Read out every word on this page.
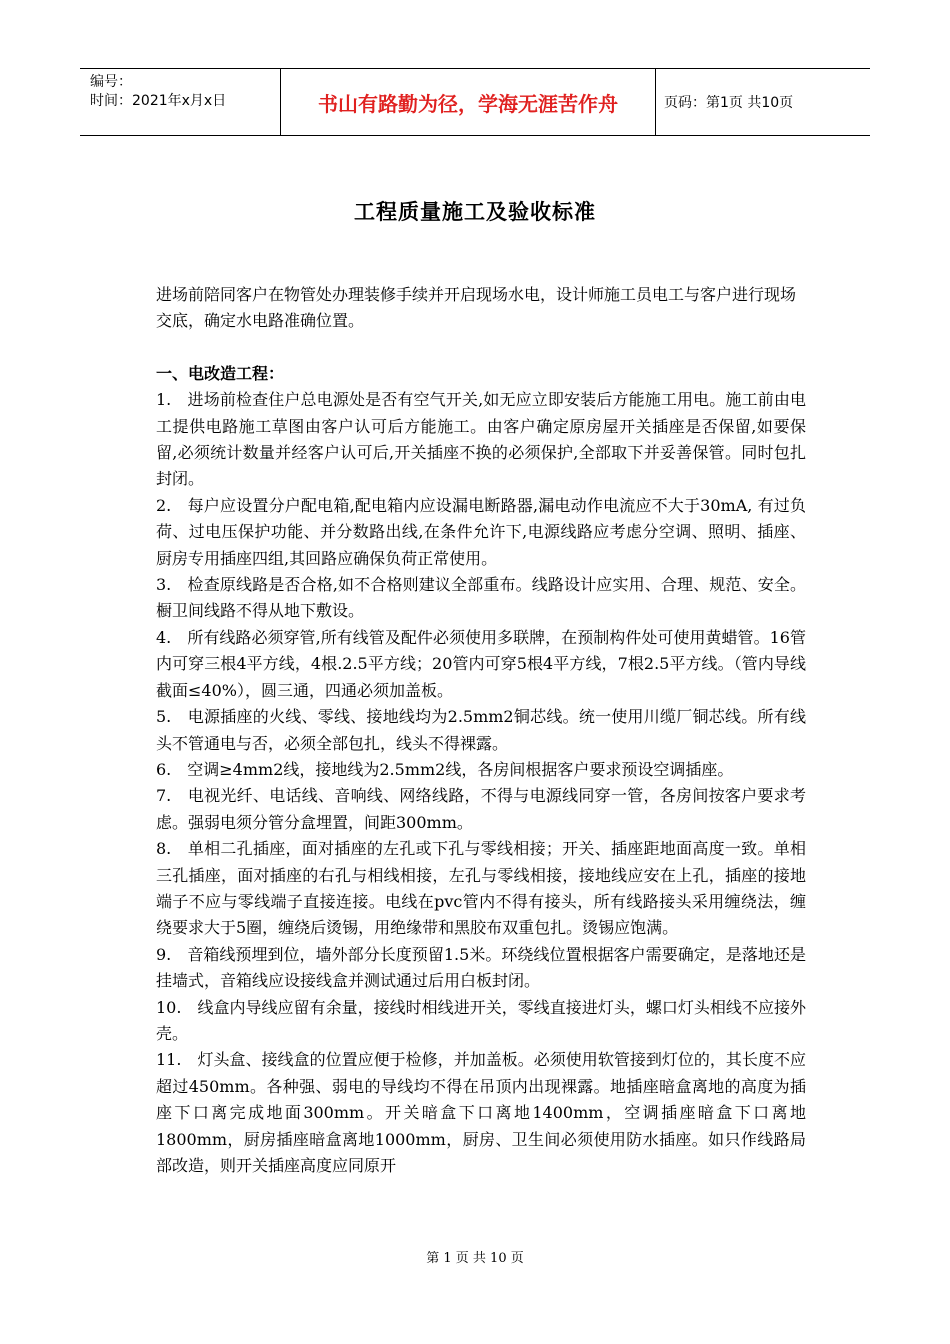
编号：
时间：2021年x月x日	书山有路勤为径，学海无涯苦作舟	页码：第1页 共10页
工程质量施工及验收标准

进场前陪同客户在物管处办理装修手续并开启现场水电，设计师施工员电工与客户进行现场交底，确定水电路准确位置。

一、电改造工程：

1.　进场前检查住户总电源处是否有空气开关,如无应立即安装后方能施工用电。施工前由电工提供电路施工草图由客户认可后方能施工。由客户确定原房屋开关插座是否保留,如要保留,必须统计数量并经客户认可后,开关插座不换的必须保护,全部取下并妥善保管。同时包扎封闭。

2.　每户应设置分户配电箱,配电箱内应设漏电断路器,漏电动作电流应不大于30mA, 有过负荷、过电压保护功能、并分数路出线,在条件允许下,电源线路应考虑分空调、照明、插座、厨房专用插座四组,其回路应确保负荷正常使用。

3.　检查原线路是否合格,如不合格则建议全部重布。线路设计应实用、合理、规范、安全。橱卫间线路不得从地下敷设。

4.　所有线路必须穿管,所有线管及配件必须使用多联牌，在预制构件处可使用黄蜡管。16管内可穿三根4平方线，4根.2.5平方线；20管内可穿5根4平方线，7根2.5平方线。（管内导线截面≤40%），圆三通，四通必须加盖板。

5.　电源插座的火线、零线、接地线均为2.5mm2铜芯线。统一使用川缆厂铜芯线。所有线头不管通电与否，必须全部包扎，线头不得裸露。

6.　空调≥4mm2线，接地线为2.5mm2线，各房间根据客户要求预设空调插座。

7.　电视光纤、电话线、音响线、网络线路，不得与电源线同穿一管，各房间按客户要求考虑。强弱电须分管分盒埋置，间距300mm。

8.　单相二孔插座，面对插座的左孔或下孔与零线相接；开关、插座距地面高度一致。单相三孔插座，面对插座的右孔与相线相接，左孔与零线相接，接地线应安在上孔，插座的接地端子不应与零线端子直接连接。电线在pvc管内不得有接头，所有线路接头采用缠绕法，缠绕要求大于5圈，缠绕后烫锡，用绝缘带和黑胶布双重包扎。烫锡应饱满。

9.　音箱线预埋到位，墙外部分长度预留1.5米。环绕线位置根据客户需要确定，是落地还是挂墙式，音箱线应设接线盒并测试通过后用白板封闭。

10.　线盒内导线应留有余量，接线时相线进开关，零线直接进灯头，螺口灯头相线不应接外壳。

11.　灯头盒、接线盒的位置应便于检修，并加盖板。必须使用软管接到灯位的，其长度不应超过450mm。各种强、弱电的导线均不得在吊顶内出现裸露。地插座暗盒离地的高度为插座下口离完成地面300mm。开关暗盒下口离地1400mm，空调插座暗盒下口离地1800mm，厨房插座暗盒离地1000mm，厨房、卫生间必须使用防水插座。如只作线路局部改造，则开关插座高度应同原开

第 1 页 共 10 页
